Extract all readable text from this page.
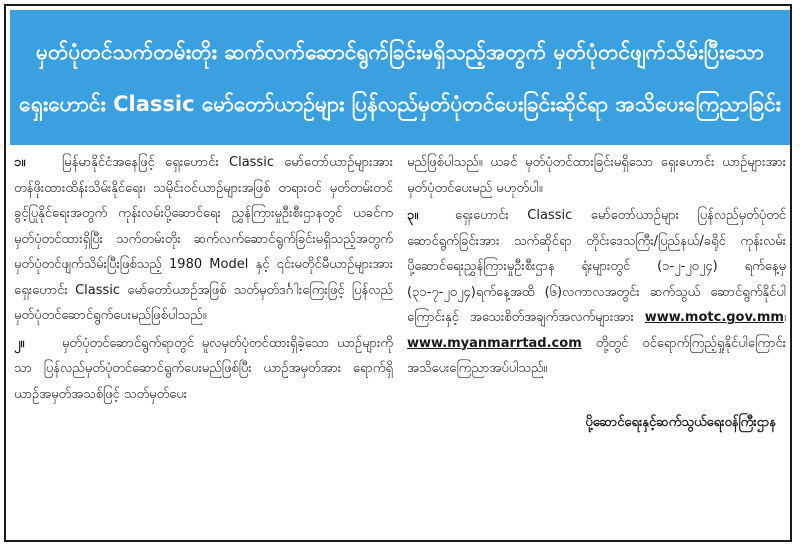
မှတ်ပုံတင်သက်တမ်းတိုး ဆက်လက်ဆောင်ရွက်ခြင်းမရှိသည့်အတွက် မှတ်ပုံတင်ဖျက်သိမ်းပြီးသော
ရှေးဟောင်း Classic မော်တော်ယာဉ်များ ပြန်လည်မှတ်ပုံတင်ပေးခြင်းဆိုင်ရာ အသိပေးကြေညာခြင်း

၁။	မြန်မာနိုင်ငံအနေဖြင့် ရှေးဟောင်း Classic မော်တော်ယာဉ်များအား တန်ဖိုးထားထိန်းသိမ်းနိုင်ရေး၊ သမိုင်းဝင်ယာဉ်များအဖြစ် တရားဝင် မှတ်တမ်းတင်ခွင့်ပြုနိုင်ရေးအတွက် ကုန်းလမ်းပို့ဆောင်ရေး ညွှန်ကြားမှုဦးစီးဌာနတွင် ယခင်က မှတ်ပုံတင်ထားရှိပြီး သက်တမ်းတိုး ဆက်လက်ဆောင်ရွက်ခြင်းမရှိသည့်အတွက် မှတ်ပုံတင်ဖျက်သိမ်းပြီးဖြစ်သည့် 1980 Model နှင့် ၎င်းမတိုင်မီယာဉ်များအား ရှေးဟောင်း Classic မော်တော်ယာဉ်အဖြစ် သတ်မှတ်ဒင်္ဂါးကြေးဖြင့် ပြန်လည် မှတ်ပုံတင်ဆောင်ရွက်ပေးမည်ဖြစ်ပါသည်။

၂။	မှတ်ပုံတင်ဆောင်ရွက်ရာတွင် မူလမှတ်ပုံတင်ထားရှိခဲ့သော ယာဉ်များကိုသာ ပြန်လည်မှတ်ပုံတင်ဆောင်ရွက်ပေးမည်ဖြစ်ပြီး ယာဉ်အမှတ်အား ရောက်ရှိယာဉ်အမှတ်အသစ်ဖြင့် သတ်မှတ်ပေး

မည်ဖြစ်ပါသည်။ ယခင် မှတ်ပုံတင်ထားခြင်းမရှိသော ရှေးဟောင်း ယာဉ်များအား မှတ်ပုံတင်ပေးမည် မဟုတ်ပါ။

၃။	ရှေးဟောင်း Classic မော်တော်ယာဉ်များ ပြန်လည်မှတ်ပုံတင် ဆောင်ရွက်ခြင်းအား သက်ဆိုင်ရာ တိုင်းဒေသကြီး/ပြည်နယ်/ခရိုင် ကုန်းလမ်းပို့ဆောင်ရေးညွှန်ကြားမှုဦးစီးဌာန ရုံးများတွင် (၁-၂-၂၀၂၄) ရက်နေ့မှ (၃၁-၇-၂၀၂၄)ရက်နေ့အထိ (၆)လကာလအတွင်း ဆက်သွယ် ဆောင်ရွက်နိုင်ပါကြောင်းနှင့် အသေးစိတ်အချက်အလက်များအား www.motc.gov.mm၊ www.myanmarrtad.com တို့တွင် ဝင်ရောက်ကြည့်ရှုနိုင်ပါကြောင်း အသိပေးကြေညာအပ်ပါသည်။

ပို့ဆောင်ရေးနှင့်ဆက်သွယ်ရေးဝန်ကြီးဌာန
